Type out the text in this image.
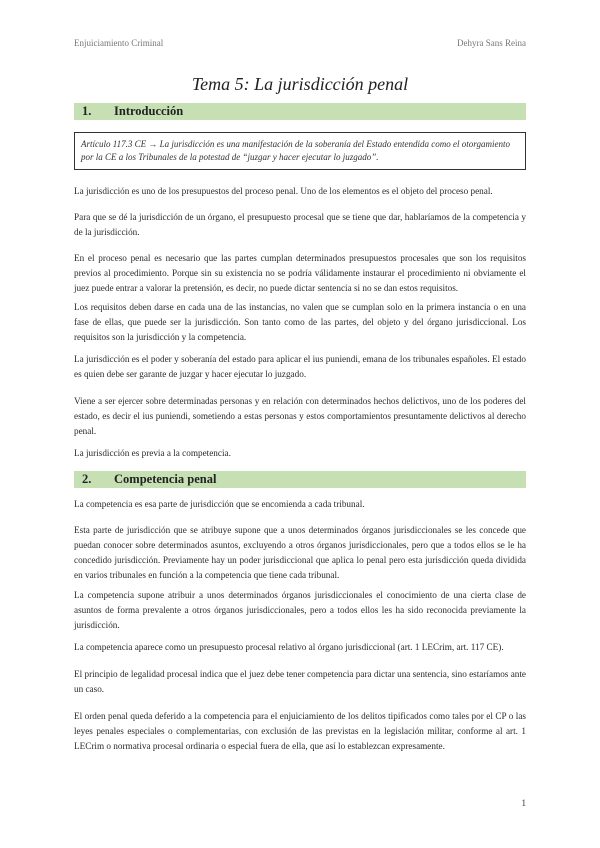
Enjuiciamiento Criminal	Dehyra Sans Reina
Tema 5: La jurisdicción penal
1.	Introducción
Artículo 117.3 CE → La jurisdicción es una manifestación de la soberanía del Estado entendida como el otorgamiento por la CE a los Tribunales de la potestad de “juzgar y hacer ejecutar lo juzgado”.

La jurisdicción es uno de los presupuestos del proceso penal. Uno de los elementos es el objeto del proceso penal.

Para que se dé la jurisdicción de un órgano, el presupuesto procesal que se tiene que dar, hablaríamos de la competencia y de la jurisdicción.

En el proceso penal es necesario que las partes cumplan determinados presupuestos procesales que son los requisitos previos al procedimiento. Porque sin su existencia no se podría válidamente instaurar el procedimiento ni obviamente el juez puede entrar a valorar la pretensión, es decir, no puede dictar sentencia si no se dan estos requisitos.

Los requisitos deben darse en cada una de las instancias, no valen que se cumplan solo en la primera instancia o en una fase de ellas, que puede ser la jurisdicción. Son tanto como de las partes, del objeto y del órgano jurisdiccional. Los requisitos son la jurisdicción y la competencia.

La jurisdicción es el poder y soberanía del estado para aplicar el ius puniendi, emana de los tribunales españoles. El estado es quien debe ser garante de juzgar y hacer ejecutar lo juzgado.

Viene a ser ejercer sobre determinadas personas y en relación con determinados hechos delictivos, uno de los poderes del estado, es decir el ius puniendi, sometiendo a estas personas y estos comportamientos presuntamente delictivos al derecho penal.

La jurisdicción es previa a la competencia.

2.	Competencia penal

La competencia es esa parte de jurisdicción que se encomienda a cada tribunal.

Esta parte de jurisdicción que se atribuye supone que a unos determinados órganos jurisdiccionales se les concede que puedan conocer sobre determinados asuntos, excluyendo a otros órganos jurisdiccionales, pero que a todos ellos se le ha concedido jurisdicción. Previamente hay un poder jurisdiccional que aplica lo penal pero esta jurisdicción queda dividida en varios tribunales en función a la competencia que tiene cada tribunal.

La competencia supone atribuir a unos determinados órganos jurisdiccionales el conocimiento de una cierta clase de asuntos de forma prevalente a otros órganos jurisdiccionales, pero a todos ellos les ha sido reconocida previamente la jurisdicción.

La competencia aparece como un presupuesto procesal relativo al órgano jurisdiccional (art. 1 LECrim, art. 117 CE).

El principio de legalidad procesal indica que el juez debe tener competencia para dictar una sentencia, sino estaríamos ante un caso.

El orden penal queda deferido a la competencia para el enjuiciamiento de los delitos tipificados como tales por el CP o las leyes penales especiales o complementarias, con exclusión de las previstas en la legislación militar, conforme al art. 1 LECrim o normativa procesal ordinaria o especial fuera de ella, que así lo establezcan expresamente.

1
